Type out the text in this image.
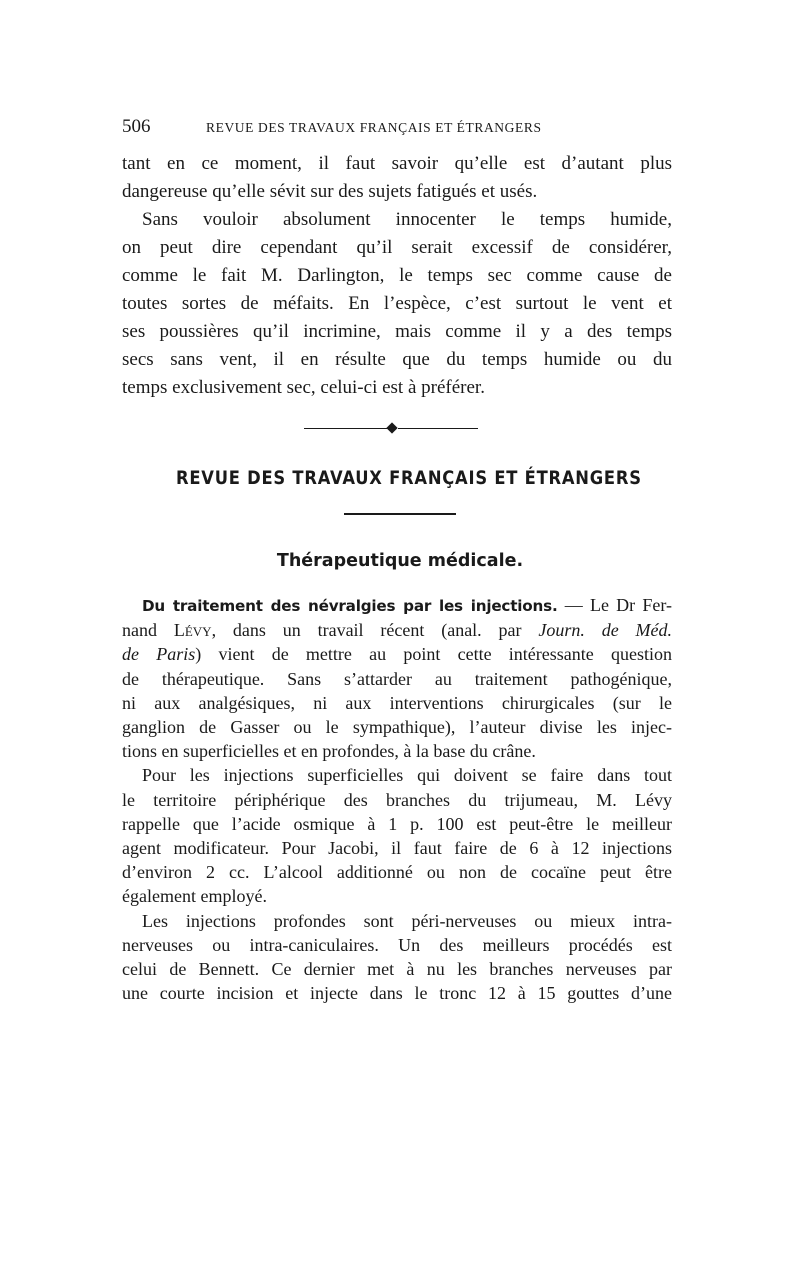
506	REVUE DES TRAVAUX FRANÇAIS ET ÉTRANGERS
tant en ce moment, il faut savoir qu’elle est d’autant plus
dangereuse qu’elle sévit sur des sujets fatigués et usés.
Sans vouloir absolument innocenter le temps humide,
on peut dire cependant qu’il serait excessif de considérer,
comme le fait M. Darlington, le temps sec comme cause de
toutes sortes de méfaits. En l’espèce, c’est surtout le vent et
ses poussières qu’il incrimine, mais comme il y a des temps
secs sans vent, il en résulte que du temps humide ou du
temps exclusivement sec, celui-ci est à préférer.
REVUE DES TRAVAUX FRANÇAIS ET ÉTRANGERS
Thérapeutique médicale.
Du traitement des névralgies par les injections. — Le Dr Fer-
nand Lévy, dans un travail récent (anal. par Journ. de Méd.
de Paris) vient de mettre au point cette intéressante question
de thérapeutique. Sans s’attarder au traitement pathogénique,
ni aux analgésiques, ni aux interventions chirurgicales (sur le
ganglion de Gasser ou le sympathique), l’auteur divise les injec-
tions en superficielles et en profondes, à la base du crâne.
Pour les injections superficielles qui doivent se faire dans tout
le territoire périphérique des branches du trijumeau, M. Lévy
rappelle que l’acide osmique à 1 p. 100 est peut-être le meilleur
agent modificateur. Pour Jacobi, il faut faire de 6 à 12 injections
d’environ 2 cc. L’alcool additionné ou non de cocaïne peut être
également employé.
Les injections profondes sont péri-nerveuses ou mieux intra-
nerveuses ou intra-caniculaires. Un des meilleurs procédés est
celui de Bennett. Ce dernier met à nu les branches nerveuses par
une courte incision et injecte dans le tronc 12 à 15 gouttes d’une
